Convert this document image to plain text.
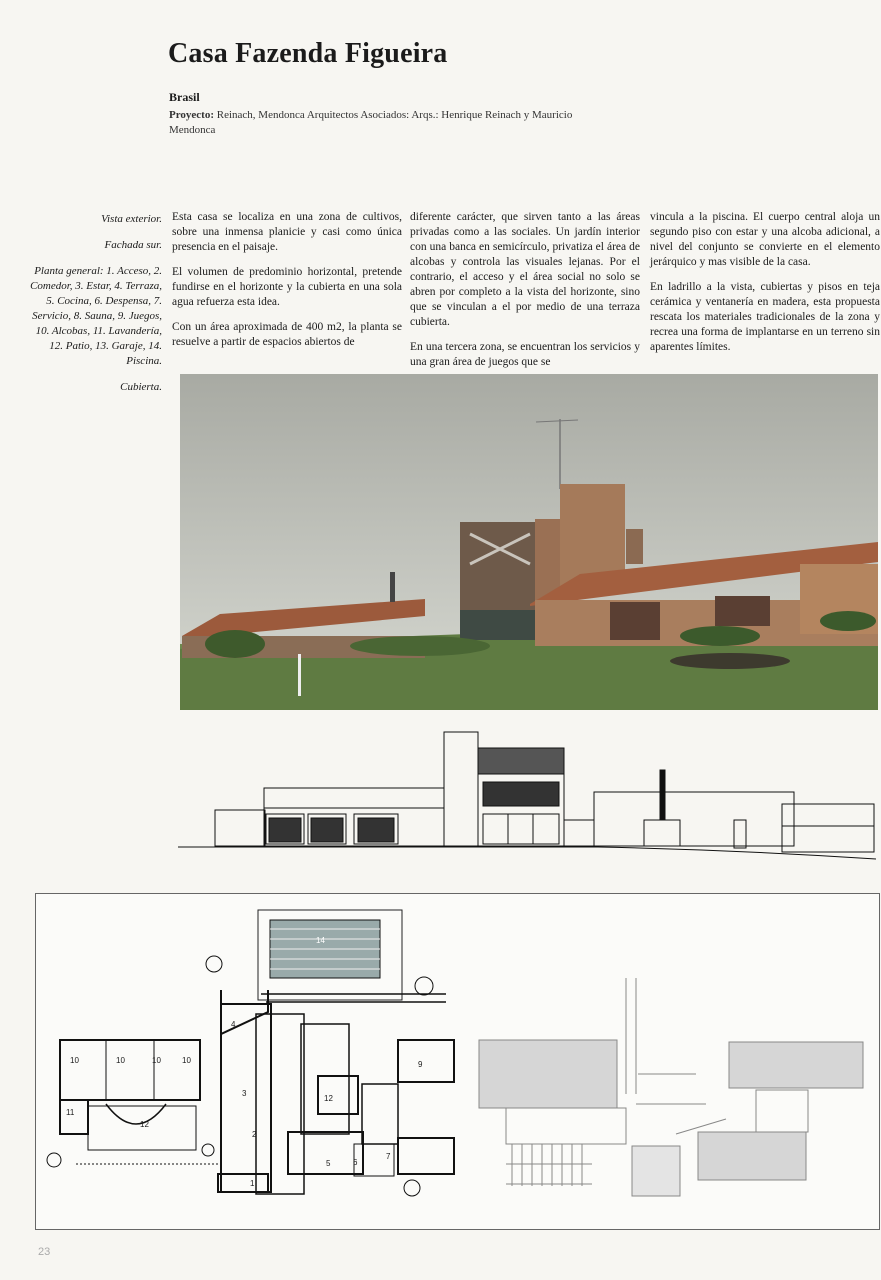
Casa Fazenda Figueira

Brasil

Proyecto: Reinach, Mendonca Arquitectos Asociados: Arqs.: Henrique Reinach y Mauricio Mendonca

Vista exterior.

Fachada sur.

Planta general: 1. Acceso, 2. Comedor, 3. Estar, 4. Terraza, 5. Cocina, 6. Despensa, 7. Servicio, 8. Sauna, 9. Juegos, 10. Alcobas, 11. Lavandería, 12. Patio, 13. Garaje, 14. Piscina.

Cubierta.

Esta casa se localiza en una zona de cultivos, sobre una inmensa planicie y casi como única presencia en el paisaje.

El volumen de predominio horizontal, pretende fundirse en el horizonte y la cubierta en una sola agua refuerza esta idea.

Con un área aproximada de 400 m2, la planta se resuelve a partir de espacios abiertos de

diferente carácter, que sirven tanto a las áreas privadas como a las sociales. Un jardín interior con una banca en semicírculo, privatiza el área de alcobas y controla las visuales lejanas. Por el contrario, el acceso y el área social no solo se abren por completo a la vista del horizonte, sino que se vinculan a el por medio de una terraza cubierta.

En una tercera zona, se encuentran los servicios y una gran área de juegos que se

vincula a la piscina. El cuerpo central aloja un segundo piso con estar y una alcoba adicional, a nivel del conjunto se convierte en el elemento jerárquico y mas visible de la casa.

En ladrillo a la vista, cubiertas y pisos en teja cerámica y ventanería en madera, esta propuesta rescata los materiales tradicionales de la zona y recrea una forma de implantarse en un terreno sin aparentes límites.

14
4
3
2
1
12
5	6
7
9
10	10	10	10
11
12
23
